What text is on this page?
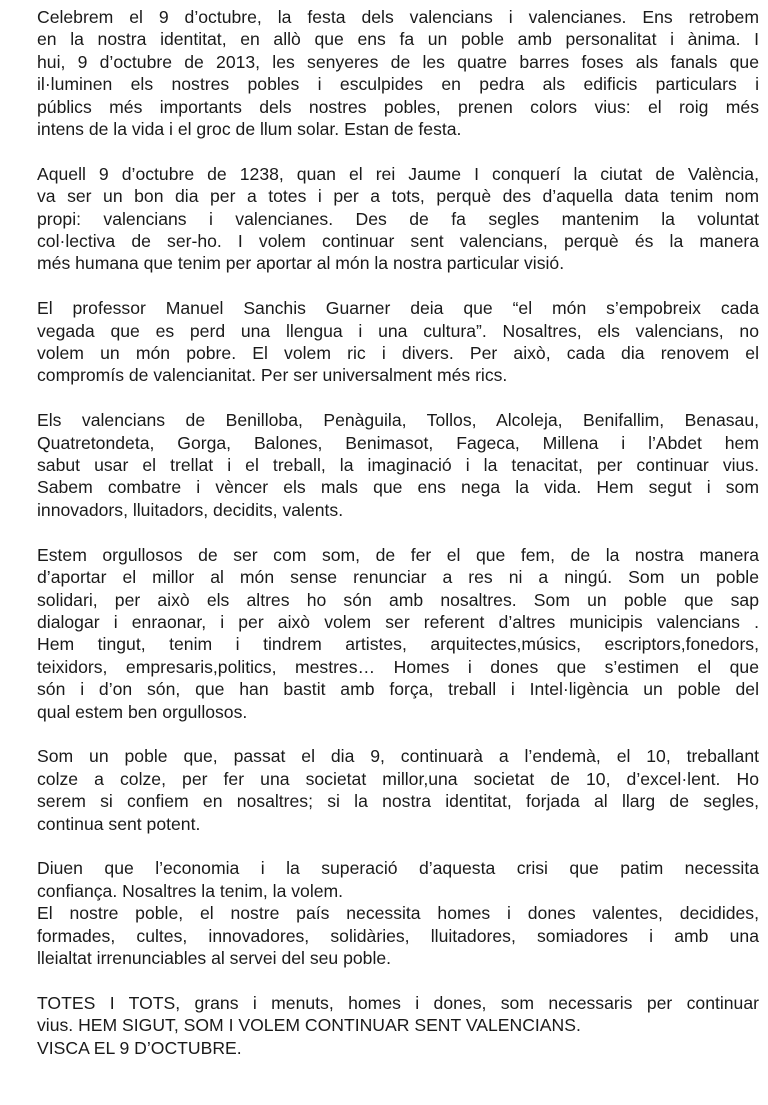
Celebrem el 9 d’octubre, la festa dels valencians i valencianes. Ens retrobem
en la nostra identitat, en allò que ens fa un poble amb personalitat i ànima. I
hui, 9 d’octubre de 2013, les senyeres de les quatre barres foses als fanals que
il·luminen els nostres pobles i esculpides en pedra als edificis particulars i
públics més importants dels nostres pobles, prenen colors vius: el roig més
intens de la vida i el groc de llum solar. Estan de festa.
Aquell 9 d’octubre de 1238, quan el rei Jaume I conquerí la ciutat de València,
va ser un bon dia per a totes i per a tots, perquè des d’aquella data tenim nom
propi: valencians i valencianes. Des de fa segles mantenim la voluntat
col·lectiva de ser-ho. I volem continuar sent valencians, perquè és la manera
més humana que tenim per aportar al món la nostra particular visió.
El professor Manuel Sanchis Guarner deia que “el món s’empobreix cada
vegada que es perd una llengua i una cultura”. Nosaltres, els valencians, no
volem un món pobre. El volem ric i divers. Per això, cada dia renovem el
compromís de valencianitat. Per ser universalment més rics.
Els valencians de Benilloba, Penàguila, Tollos, Alcoleja, Benifallim, Benasau,
Quatretondeta, Gorga, Balones, Benimasot, Fageca, Millena i l’Abdet hem
sabut usar el trellat i el treball, la imaginació i la tenacitat, per continuar vius.
Sabem combatre i vèncer els mals que ens nega la vida. Hem segut i som
innovadors, lluitadors, decidits, valents.
Estem orgullosos de ser com som, de fer el que fem, de la nostra manera
d’aportar el millor al món sense renunciar a res ni a ningú. Som un poble
solidari, per això els altres ho són amb nosaltres. Som un poble que sap
dialogar i enraonar, i per això volem ser referent d’altres municipis valencians .
Hem tingut, tenim i tindrem artistes, arquitectes,músics, escriptors,fonedors,
teixidors, empresaris,politics, mestres… Homes i dones que s’estimen el que
són i d’on són, que han bastit amb força, treball i Intel·ligència un poble del
qual estem ben orgullosos.
Som un poble que, passat el dia 9, continuarà a l’endemà, el 10, treballant
colze a colze, per fer una societat millor,una societat de 10, d’excel·lent. Ho
serem si confiem en nosaltres; si la nostra identitat, forjada al llarg de segles,
continua sent potent.
Diuen que l’economia i la superació d’aquesta crisi que patim necessita
confiança. Nosaltres la tenim, la volem.
El nostre poble, el nostre país necessita homes i dones valentes, decidides,
formades, cultes, innovadores, solidàries, lluitadores, somiadores i amb una
lleialtat irrenunciables al servei del seu poble.
TOTES I TOTS, grans i menuts, homes i dones, som necessaris per continuar
vius. HEM SIGUT, SOM I VOLEM CONTINUAR SENT VALENCIANS.
VISCA EL 9 D’OCTUBRE.
